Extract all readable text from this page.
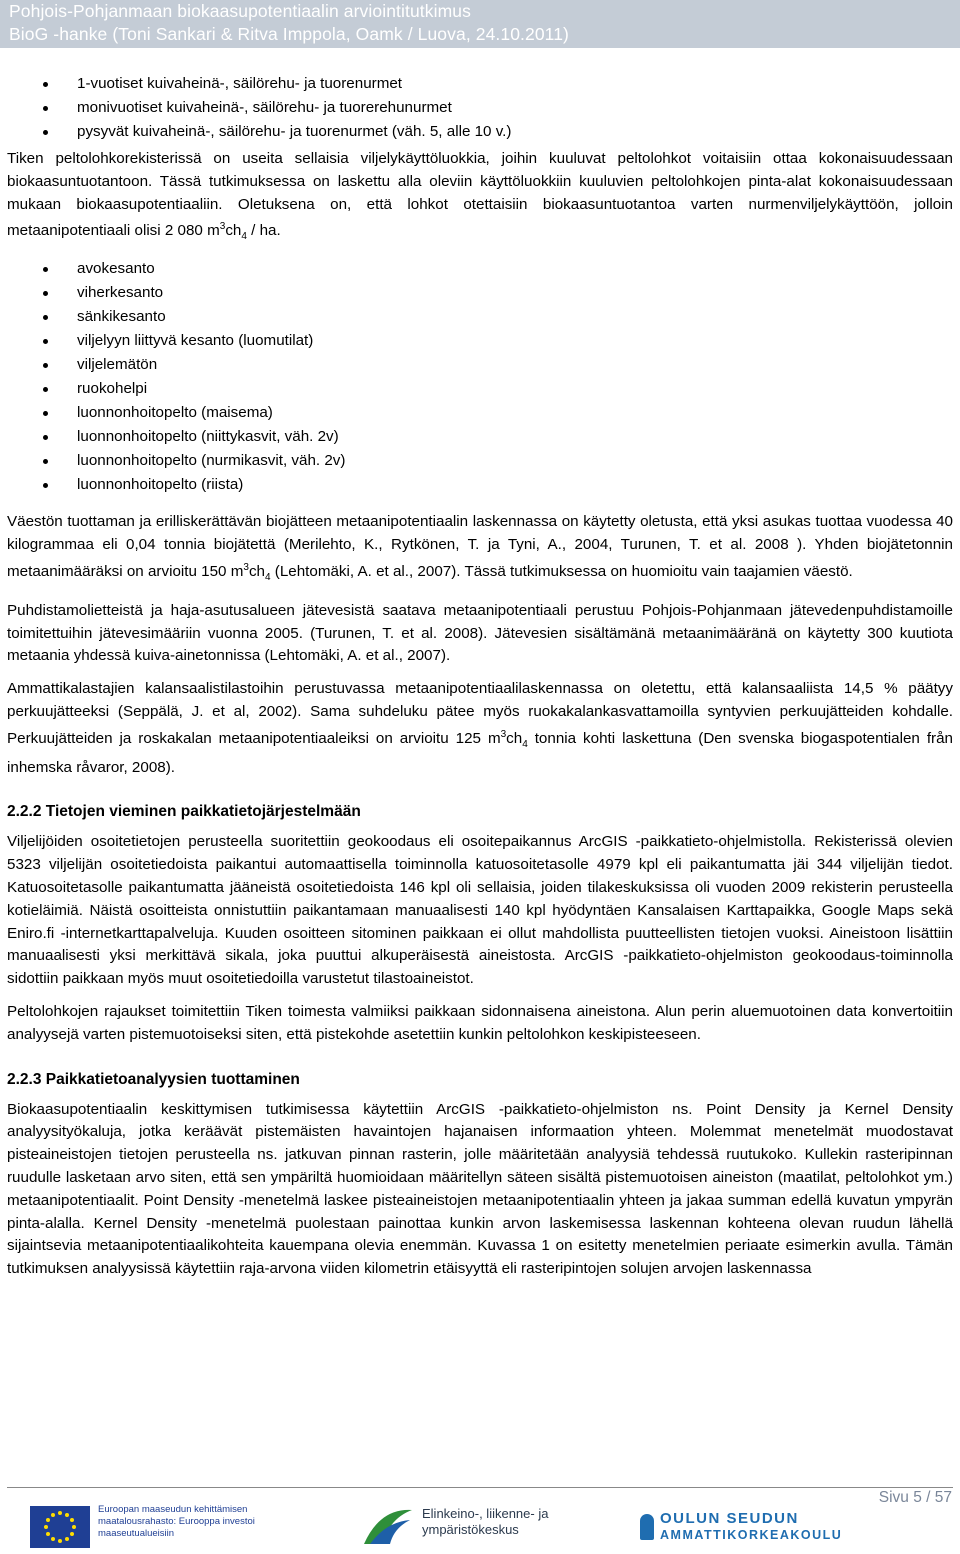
Pohjois-Pohjanmaan biokaasupotentiaalin arviointitutkimus
BioG -hanke (Toni Sankari & Ritva Imppola, Oamk / Luova, 24.10.2011)
1-vuotiset kuivaheinä-, säilörehu- ja tuorenurmet
monivuotiset kuivaheinä-, säilörehu- ja tuorerehunurmet
pysyvät kuivaheinä-, säilörehu- ja tuorenurmet (väh. 5, alle 10 v.)

Tiken peltolohkorekisterissä on useita sellaisia viljelykäyttöluokkia, joihin kuuluvat peltolohkot voitaisiin ottaa kokonaisuudessaan biokaasuntuotantoon. Tässä tutkimuksessa on laskettu alla oleviin käyttöluokkiin kuuluvien peltolohkojen pinta-alat kokonaisuudessaan mukaan biokaasupotentiaaliin. Oletuksena on, että lohkot otettaisiin biokaasuntuotantoa varten nurmenviljelykäyttöön, jolloin metaanipotentiaali olisi 2 080 $m^3ch_4$ / ha.

avokesanto
viherkesanto
sänkikesanto
viljelyyn liittyvä kesanto (luomutilat)
viljelemätön
ruokohelpi
luonnonhoitopelto (maisema)
luonnonhoitopelto (niittykasvit, väh. 2v)
luonnonhoitopelto (nurmikasvit, väh. 2v)
luonnonhoitopelto (riista)

Väestön tuottaman ja erilliskerättävän biojätteen metaanipotentiaalin laskennassa on käytetty oletusta, että yksi asukas tuottaa vuodessa 40 kilogrammaa eli 0,04 tonnia biojätettä (Merilehto, K., Rytkönen, T. ja Tyni, A., 2004, Turunen, T. et al. 2008 ). Yhden biojätetonnin metaanimääräksi on arvioitu 150 $m^3ch_4$ (Lehtomäki, A. et al., 2007). Tässä tutkimuksessa on huomioitu vain taajamien väestö.

Puhdistamolietteistä ja haja-asutusalueen jätevesistä saatava metaanipotentiaali perustuu Pohjois-Pohjanmaan jätevedenpuhdistamoille toimitettuihin jätevesimääriin vuonna 2005. (Turunen, T. et al. 2008). Jätevesien sisältämänä metaanimääränä on käytetty 300 kuutiota metaania yhdessä kuiva-ainetonnissa (Lehtomäki, A. et al., 2007).

Ammattikalastajien kalansaalistilastoihin perustuvassa metaanipotentiaalilaskennassa on oletettu, että kalansaaliista 14,5 % päätyy perkuujätteeksi (Seppälä, J. et al, 2002). Sama suhdeluku pätee myös ruokakalankasvattamoilla syntyvien perkuujätteiden kohdalle. Perkuujätteiden ja roskakalan metaanipotentiaaleiksi on arvioitu 125 $m^3ch_4$ tonnia kohti laskettuna (Den svenska biogaspotentialen från inhemska råvaror, 2008).

2.2.2 Tietojen vieminen paikkatietojärjestelmään

Viljelijöiden osoitetietojen perusteella suoritettiin geokoodaus eli osoitepaikannus ArcGIS -paikkatieto-ohjelmistolla. Rekisterissä olevien 5323 viljelijän osoitetiedoista paikantui automaattisella toiminnolla katuosoitetasolle 4979 kpl eli paikantumatta jäi 344 viljelijän tiedot. Katuosoitetasolle paikantumatta jääneistä osoitetiedoista 146 kpl oli sellaisia, joiden tilakeskuksissa oli vuoden 2009 rekisterin perusteella kotieläimiä. Näistä osoitteista onnistuttiin paikantamaan manuaalisesti 140 kpl hyödyntäen Kansalaisen Karttapaikka, Google Maps sekä Eniro.fi -internetkarttapalveluja. Kuuden osoitteen sitominen paikkaan ei ollut mahdollista puutteellisten tietojen vuoksi. Aineistoon lisättiin manuaalisesti yksi merkittävä sikala, joka puuttui alkuperäisestä aineistosta. ArcGIS -paikkatieto-ohjelmiston geokoodaus-toiminnolla sidottiin paikkaan myös muut osoitetiedoilla varustetut tilastoaineistot.

Peltolohkojen rajaukset toimitettiin Tiken toimesta valmiiksi paikkaan sidonnaisena aineistona. Alun perin aluemuotoinen data konvertoitiin analyysejä varten pistemuotoiseksi siten, että pistekohde asetettiin kunkin peltolohkon keskipisteeseen.

2.2.3 Paikkatietoanalyysien tuottaminen

Biokaasupotentiaalin keskittymisen tutkimisessa käytettiin ArcGIS -paikkatieto-ohjelmiston ns. Point Density ja Kernel Density analyysityökaluja, jotka keräävät pistemäisten havaintojen hajanaisen informaation yhteen. Molemmat menetelmät muodostavat pisteaineistojen tietojen perusteella ns. jatkuvan pinnan rasterin, jolle määritetään analyysiä tehdessä ruutukoko. Kullekin rasteripinnan ruudulle lasketaan arvo siten, että sen ympäriltä huomioidaan määritellyn säteen sisältä pistemuotoisen aineiston (maatilat, peltolohkot ym.) metaanipotentiaalit. Point Density -menetelmä laskee pisteaineistojen metaanipotentiaalin yhteen ja jakaa summan edellä kuvatun ympyrän pinta-alalla. Kernel Density -menetelmä puolestaan painottaa kunkin arvon laskemisessa laskennan kohteena olevan ruudun lähellä sijaintsevia metaanipotentiaalikohteita kauempana olevia enemmän. Kuvassa 1 on esitetty menetelmien periaate esimerkin avulla. Tämän tutkimuksen analyysissä käytettiin raja-arvona viiden kilometrin etäisyyttä eli rasteripintojen solujen arvojen laskennassa

Sivu 5 / 57
Euroopan maaseudun kehittämisen maatalousrahasto: Eurooppa investoi maaseutualueisiin
Elinkeino-, liikenne- ja ympäristökeskus
OULUN SEUDUN
AMMATTIKORKEAKOULU
